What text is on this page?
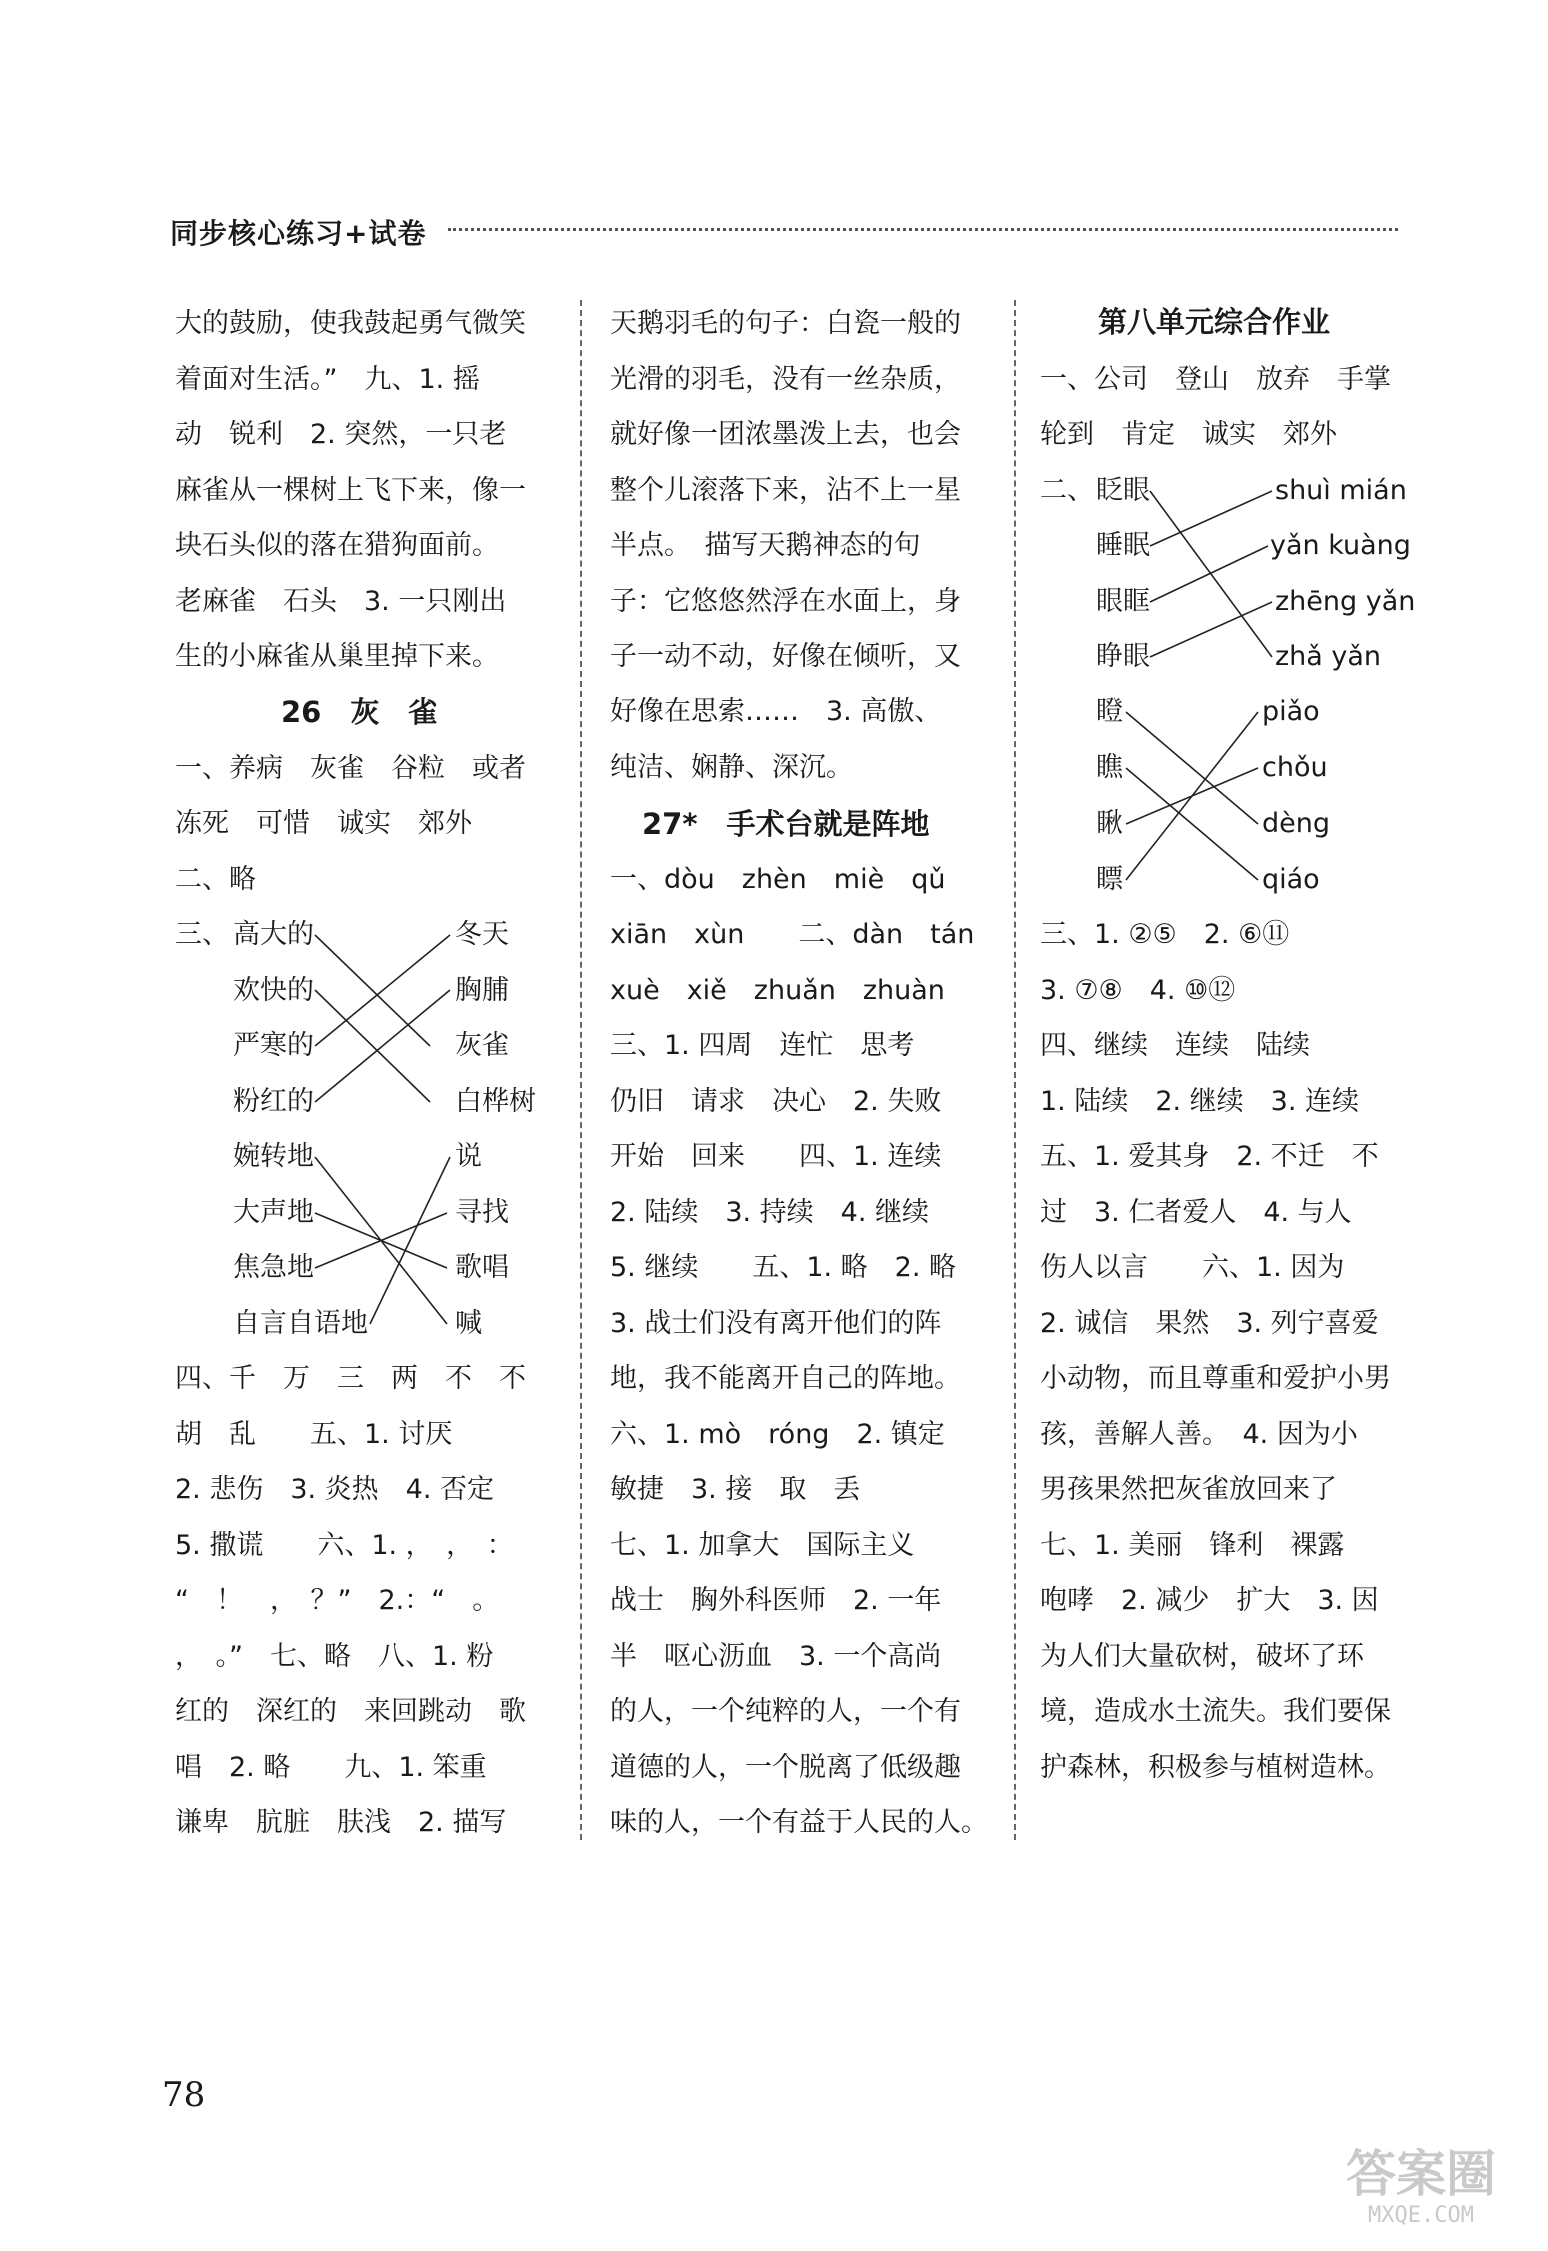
同步核心练习+试卷
大的鼓励，使我鼓起勇气微笑
着面对生活。”　九、1. 摇
动　锐利　2. 突然，一只老
麻雀从一棵树上飞下来，像一
块石头似的落在猎狗面前。
老麻雀　石头　3. 一只刚出
生的小麻雀从巢里掉下来。
26　灰　雀
一、养病　灰雀　谷粒　或者
冻死　可惜　诚实　郊外
二、略
三、 高大的
欢快的
严寒的
粉红的
冬天
胸脯
灰雀
白桦树
婉转地
大声地
焦急地
自言自语地
说
寻找
歌唱
喊
四、千　万　三　两　不　不
胡　乱　　五、1. 讨厌
2. 悲伤　3. 炎热　4. 否定
5. 撒谎　　六、1. ，　，　：
“　！　，　？”　2.：“　。
，　。”　七、略　八、1. 粉
红的　深红的　来回跳动　歌
唱　2. 略　　九、1. 笨重
谦卑　肮脏　肤浅　2. 描写
天鹅羽毛的句子：白瓷一般的
光滑的羽毛，没有一丝杂质，
就好像一团浓墨泼上去，也会
整个儿滚落下来，沾不上一星
半点。　描写天鹅神态的句
子：它悠悠然浮在水面上，身
子一动不动，好像在倾听，又
好像在思索……　3. 高傲、
纯洁、娴静、深沉。
27*　手术台就是阵地
一、dòu　zhèn　miè　qǔ
xiān　xùn　　二、dàn　tán
xuè　xiě　zhuǎn　zhuàn
三、1. 四周　连忙　思考
仍旧　请求　决心　2. 失败
开始　回来　　四、1. 连续
2. 陆续　3. 持续　4. 继续
5. 继续　　五、1. 略　2. 略
3. 战士们没有离开他们的阵
地，我不能离开自己的阵地。
六、1. mò　róng　2. 镇定
敏捷　3. 接　取　丢
七、1. 加拿大　国际主义
战士　胸外科医师　2. 一年
半　呕心沥血　3. 一个高尚
的人，一个纯粹的人，一个有
道德的人，一个脱离了低级趣
味的人，一个有益于人民的人。
第八单元综合作业
一、公司　登山　放弃　手掌
轮到　肯定　诚实　郊外
二、 眨眼
睡眠
眼眶
睁眼
shuì mián
yǎn kuàng
zhēng yǎn
zhǎ yǎn
瞪
瞧
瞅
瞟
piǎo
chǒu
dèng
qiáo
三、1. ②⑤　2. ⑥⑪
3. ⑦⑧　4. ⑩⑫
四、继续　连续　陆续
1. 陆续　2. 继续　3. 连续
五、1. 爱其身　2. 不迁　不
过　3. 仁者爱人　4. 与人
伤人以言　　六、1. 因为
2. 诚信　果然　3. 列宁喜爱
小动物，而且尊重和爱护小男
孩，善解人善。　4. 因为小
男孩果然把灰雀放回来了
七、1. 美丽　锋利　裸露
咆哮　2. 减少　扩大　3. 因
为人们大量砍树，破坏了环
境，造成水土流失。我们要保
护森林，积极参与植树造林。
78
答案圈
MXQE.COM
